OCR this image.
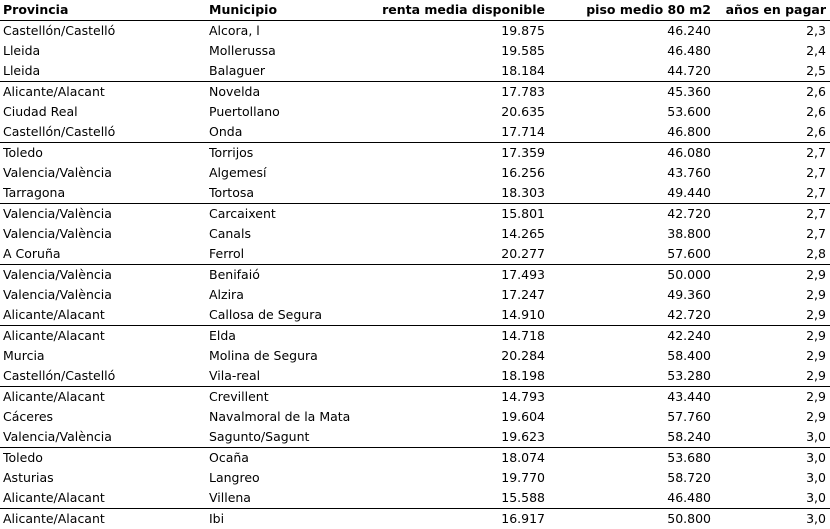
Provincia	Municipio	renta media disponible	piso medio 80 m2	años en pagar
Castellón/Castelló	Alcora, l	19.875	46.240	2,3
Lleida	Mollerussa	19.585	46.480	2,4
Lleida	Balaguer	18.184	44.720	2,5
Alicante/Alacant	Novelda	17.783	45.360	2,6
Ciudad Real	Puertollano	20.635	53.600	2,6
Castellón/Castelló	Onda	17.714	46.800	2,6
Toledo	Torrijos	17.359	46.080	2,7
Valencia/València	Algemesí	16.256	43.760	2,7
Tarragona	Tortosa	18.303	49.440	2,7
Valencia/València	Carcaixent	15.801	42.720	2,7
Valencia/València	Canals	14.265	38.800	2,7
A Coruña	Ferrol	20.277	57.600	2,8
Valencia/València	Benifaió	17.493	50.000	2,9
Valencia/València	Alzira	17.247	49.360	2,9
Alicante/Alacant	Callosa de Segura	14.910	42.720	2,9
Alicante/Alacant	Elda	14.718	42.240	2,9
Murcia	Molina de Segura	20.284	58.400	2,9
Castellón/Castelló	Vila-real	18.198	53.280	2,9
Alicante/Alacant	Crevillent	14.793	43.440	2,9
Cáceres	Navalmoral de la Mata	19.604	57.760	2,9
Valencia/València	Sagunto/Sagunt	19.623	58.240	3,0
Toledo	Ocaña	18.074	53.680	3,0
Asturias	Langreo	19.770	58.720	3,0
Alicante/Alacant	Villena	15.588	46.480	3,0
Alicante/Alacant	Ibi	16.917	50.800	3,0
